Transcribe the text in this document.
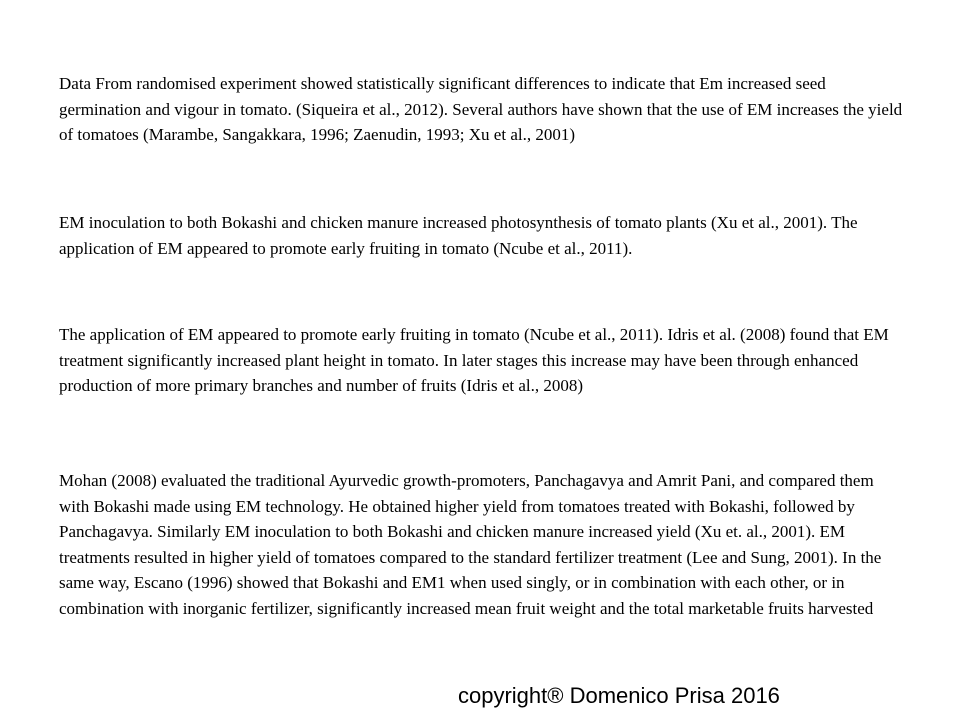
Data From randomised experiment showed statistically significant differences to indicate that Em increased seed germination and vigour in tomato. (Siqueira et al., 2012). Several authors have shown that the use of EM increases the yield of tomatoes (Marambe, Sangakkara, 1996; Zaenudin, 1993; Xu et al., 2001)

EM inoculation to both Bokashi and chicken manure increased photosynthesis of tomato plants (Xu et al., 2001). The application of EM appeared to promote early fruiting in tomato (Ncube et al., 2011).

The application of EM appeared to promote early fruiting in tomato (Ncube et al., 2011). Idris et al. (2008) found that EM treatment significantly increased plant height in tomato. In later stages this increase may have been through enhanced production of more primary branches and number of fruits (Idris et al., 2008)

Mohan (2008) evaluated the traditional Ayurvedic growth-promoters, Panchagavya and Amrit Pani, and compared them with Bokashi made using EM technology. He obtained higher yield from tomatoes treated with Bokashi, followed by Panchagavya. Similarly EM inoculation to both Bokashi and chicken manure increased yield (Xu et. al., 2001). EM treatments resulted in higher yield of tomatoes compared to the standard fertilizer treatment (Lee and Sung, 2001). In the same way, Escano (1996) showed that Bokashi and EM1 when used singly, or in combination with each other, or in combination with inorganic fertilizer, significantly increased mean fruit weight and the total marketable fruits harvested

copyright® Domenico Prisa 2016
